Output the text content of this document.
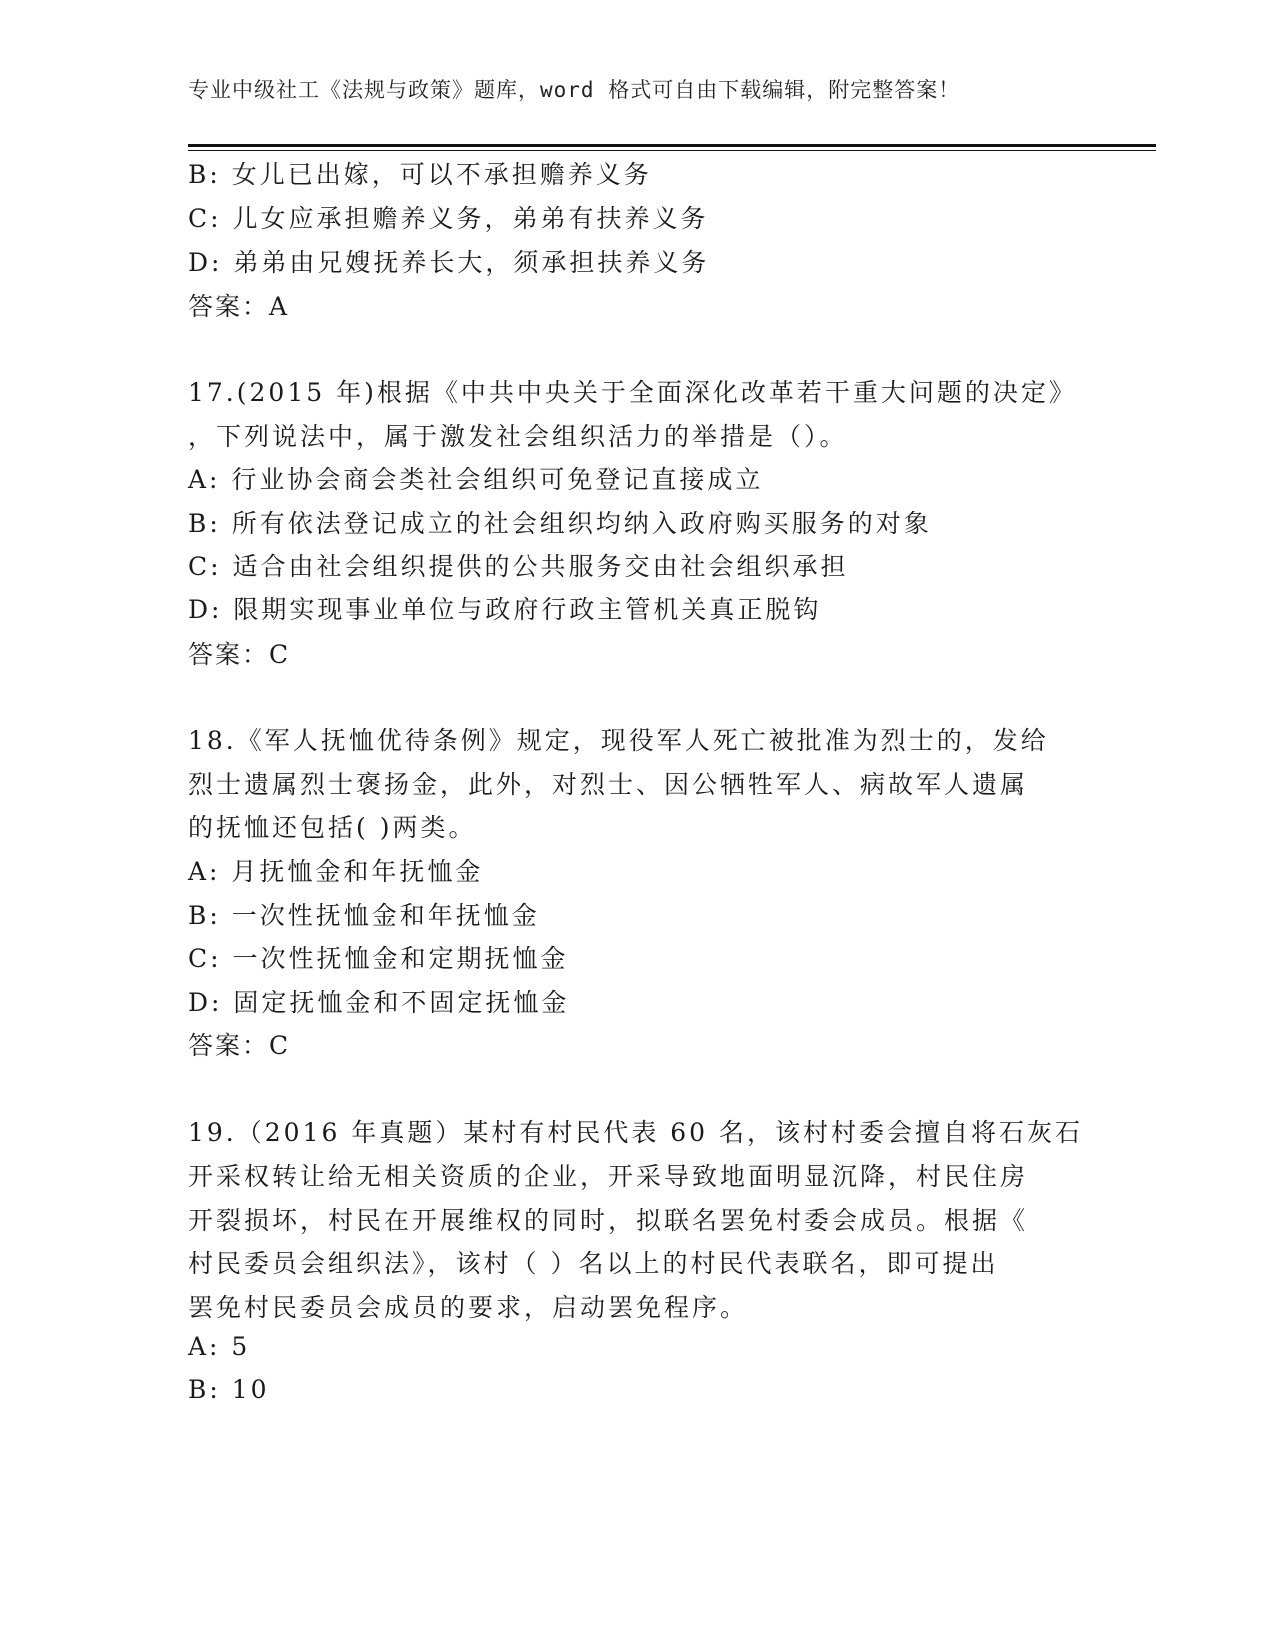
专业中级社工《法规与政策》题库，word 格式可自由下载编辑，附完整答案！
B: 女儿已出嫁，可以不承担赡养义务
C: 儿女应承担赡养义务，弟弟有扶养义务
D: 弟弟由兄嫂抚养长大，须承担扶养义务
答案：A
17.(2015 年)根据《中共中央关于全面深化改革若干重大问题的决定》
，下列说法中，属于激发社会组织活力的举措是（）。
A: 行业协会商会类社会组织可免登记直接成立
B: 所有依法登记成立的社会组织均纳入政府购买服务的对象
C: 适合由社会组织提供的公共服务交由社会组织承担
D: 限期实现事业单位与政府行政主管机关真正脱钩
答案：C
18.《军人抚恤优待条例》规定，现役军人死亡被批准为烈士的，发给
烈士遗属烈士褒扬金，此外，对烈士、因公牺牲军人、病故军人遗属
的抚恤还包括( )两类。
A: 月抚恤金和年抚恤金
B: 一次性抚恤金和年抚恤金
C: 一次性抚恤金和定期抚恤金
D: 固定抚恤金和不固定抚恤金
答案：C
19.（2016 年真题）某村有村民代表 60 名，该村村委会擅自将石灰石
开采权转让给无相关资质的企业，开采导致地面明显沉降，村民住房
开裂损坏，村民在开展维权的同时，拟联名罢免村委会成员。根据《
村民委员会组织法》，该村（ ）名以上的村民代表联名，即可提出
罢免村民委员会成员的要求，启动罢免程序。
A: 5
B: 10
